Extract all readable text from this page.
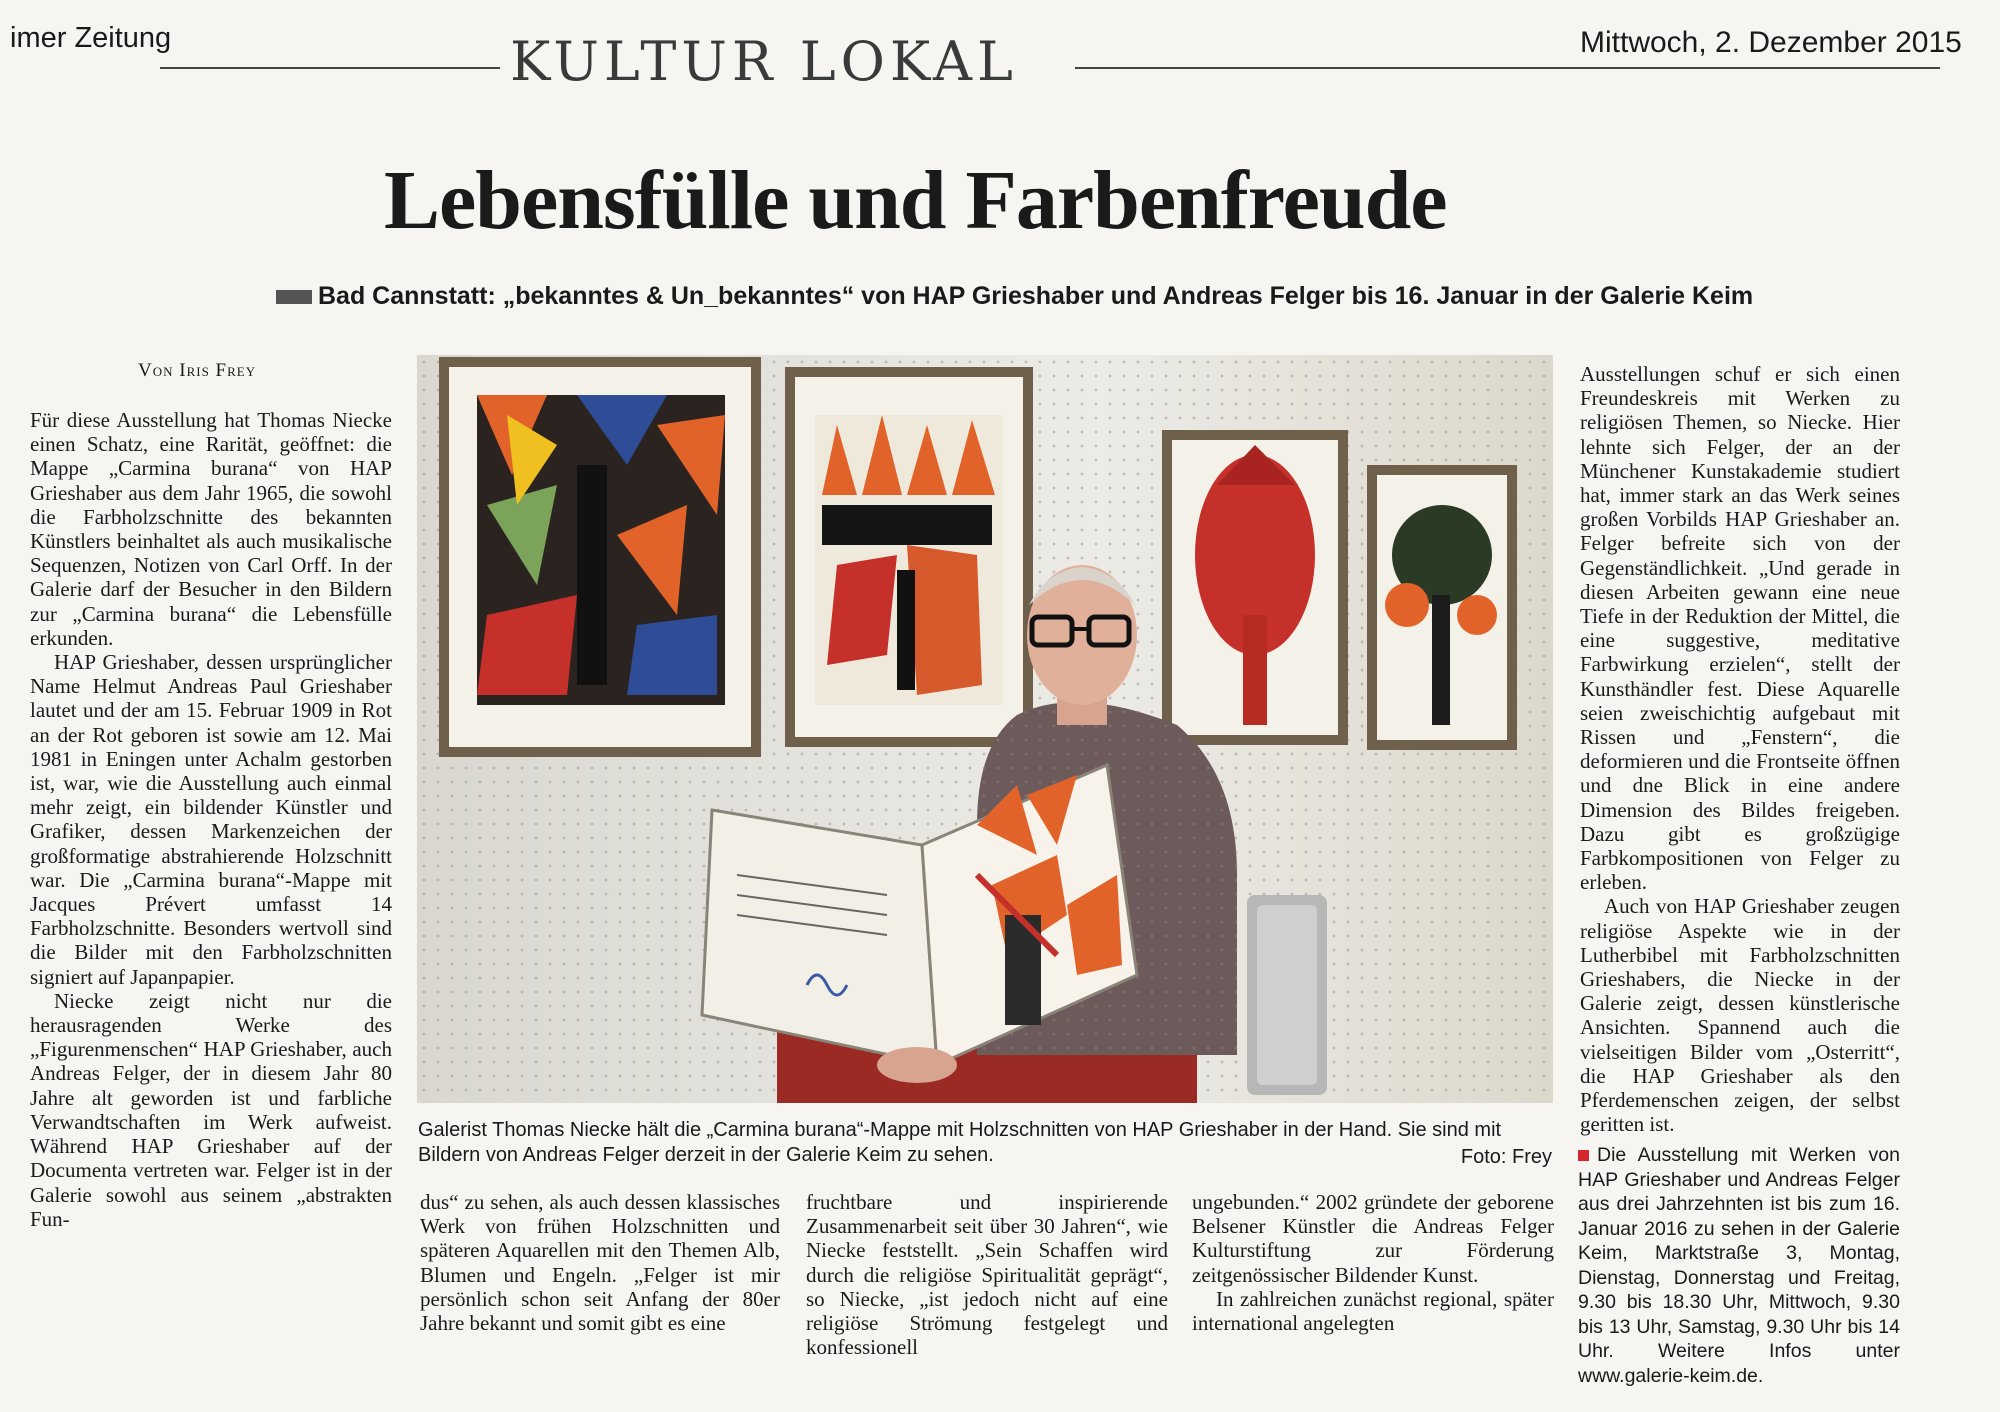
imer Zeitung	KULTUR LOKAL	Mittwoch, 2. Dezember 2015
Lebensfülle und Farbenfreude
Bad Cannstatt: „bekanntes & Un_bekanntes“ von HAP Grieshaber und Andreas Felger bis 16. Januar in der Galerie Keim
Von Iris Frey

Für diese Ausstellung hat Thomas Niecke einen Schatz, eine Rarität, geöffnet: die Mappe „Carmina burana“ von HAP Grieshaber aus dem Jahr 1965, die sowohl die Farbholzschnitte des bekannten Künstlers beinhaltet als auch musikalische Sequenzen, Notizen von Carl Orff. In der Galerie darf der Besucher in den Bildern zur „Carmina burana“ die Lebensfülle erkunden.

HAP Grieshaber, dessen ursprünglicher Name Helmut Andreas Paul Grieshaber lautet und der am 15. Februar 1909 in Rot an der Rot geboren ist sowie am 12. Mai 1981 in Eningen unter Achalm gestorben ist, war, wie die Ausstellung auch einmal mehr zeigt, ein bildender Künstler und Grafiker, dessen Markenzeichen der großformatige abstrahierende Holzschnitt war. Die „Carmina burana“-Mappe mit Jacques Prévert umfasst 14 Farbholzschnitte. Besonders wertvoll sind die Bilder mit den Farbholzschnitten signiert auf Japanpapier.

Niecke zeigt nicht nur die herausragenden Werke des „Figurenmenschen“ HAP Grieshaber, auch Andreas Felger, der in diesem Jahr 80 Jahre alt geworden ist und farbliche Verwandtschaften im Werk aufweist. Während HAP Grieshaber auf der Documenta vertreten war. Felger ist in der Galerie sowohl aus seinem „abstrakten Fun-

Galerist Thomas Niecke hält die „Carmina burana“-Mappe mit Holzschnitten von HAP Grieshaber in der Hand. Sie sind mit Bildern von Andreas Felger derzeit in der Galerie Keim zu sehen.	Foto: Frey

dus“ zu sehen, als auch dessen klassisches Werk von frühen Holzschnitten und späteren Aquarellen mit den Themen Alb, Blumen und Engeln. „Felger ist mir persönlich schon seit Anfang der 80er Jahre bekannt und somit gibt es eine

fruchtbare und inspirierende Zusammenarbeit seit über 30 Jahren“, wie Niecke feststellt. „Sein Schaffen wird durch die religiöse Spiritualität geprägt“, so Niecke, „ist jedoch nicht auf eine religiöse Strömung festgelegt und konfessionell

ungebunden.“ 2002 gründete der geborene Belsener Künstler die Andreas Felger Kulturstiftung zur Förderung zeitgenössischer Bildender Kunst.

In zahlreichen zunächst regional, später international angelegten

Ausstellungen schuf er sich einen Freundeskreis mit Werken zu religiösen Themen, so Niecke. Hier lehnte sich Felger, der an der Münchener Kunstakademie studiert hat, immer stark an das Werk seines großen Vorbilds HAP Grieshaber an. Felger befreite sich von der Gegenständlichkeit. „Und gerade in diesen Arbeiten gewann eine neue Tiefe in der Reduktion der Mittel, die eine suggestive, meditative Farbwirkung erzielen“, stellt der Kunsthändler fest. Diese Aquarelle seien zweischichtig aufgebaut mit Rissen und „Fenstern“, die deformieren und die Frontseite öffnen und dne Blick in eine andere Dimension des Bildes freigeben. Dazu gibt es großzügige Farbkompositionen von Felger zu erleben.

Auch von HAP Grieshaber zeugen religiöse Aspekte wie in der Lutherbibel mit Farbholzschnitten Grieshabers, die Niecke in der Galerie zeigt, dessen künstlerische Ansichten. Spannend auch die vielseitigen Bilder vom „Osterritt“, die HAP Grieshaber als den Pferdemenschen zeigen, der selbst geritten ist.

Die Ausstellung mit Werken von HAP Grieshaber und Andreas Felger aus drei Jahrzehnten ist bis zum 16. Januar 2016 zu sehen in der Galerie Keim, Marktstraße 3, Montag, Dienstag, Donnerstag und Freitag, 9.30 bis 18.30 Uhr, Mittwoch, 9.30 bis 13 Uhr, Samstag, 9.30 Uhr bis 14 Uhr. Weitere Infos unter www.galerie-keim.de.
